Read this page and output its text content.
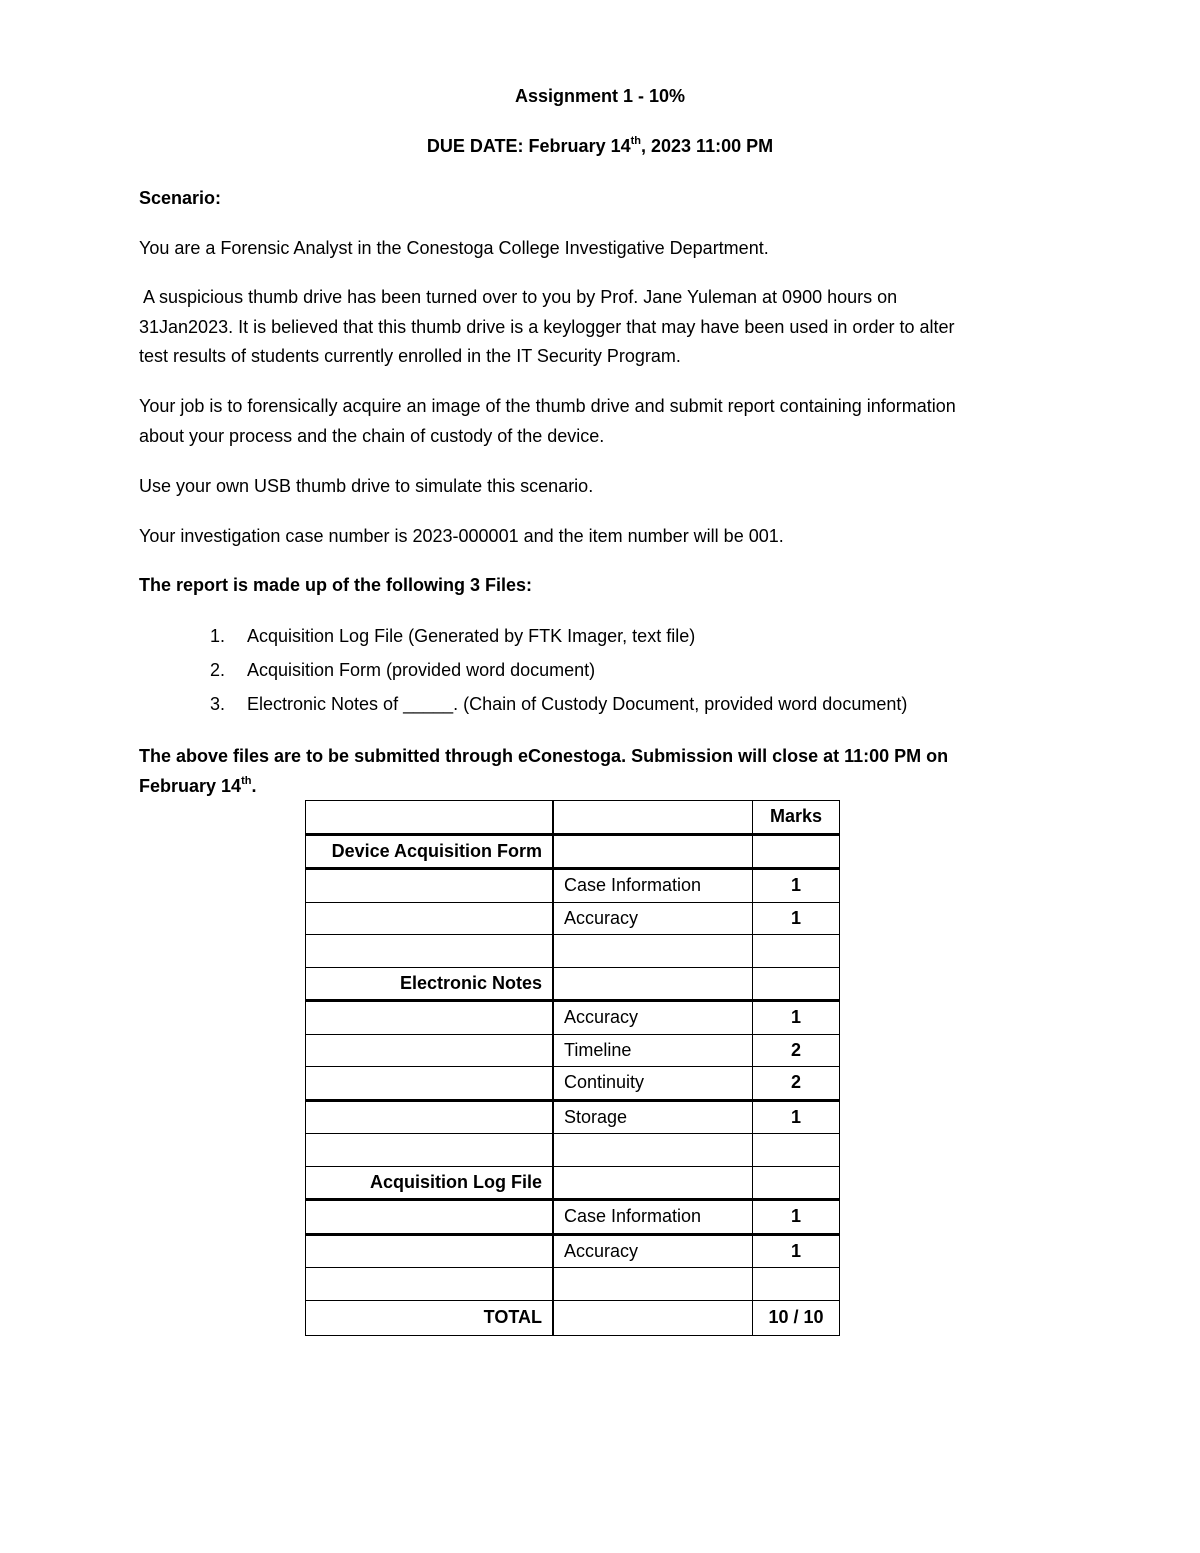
Assignment 1 - 10%
DUE DATE: February 14th, 2023 11:00 PM
Scenario:
You are a Forensic Analyst in the Conestoga College Investigative Department.
A suspicious thumb drive has been turned over to you by Prof. Jane Yuleman at 0900 hours on
31Jan2023. It is believed that this thumb drive is a keylogger that may have been used in order to alter
test results of students currently enrolled in the IT Security Program.
Your job is to forensically acquire an image of the thumb drive and submit report containing information
about your process and the chain of custody of the device.
Use your own USB thumb drive to simulate this scenario.
Your investigation case number is 2023-000001 and the item number will be 001.
The report is made up of the following 3 Files:
1.	Acquisition Log File (Generated by FTK Imager, text file)
2.	Acquisition Form (provided word document)
3.	Electronic Notes of _____. (Chain of Custody Document, provided word document)
The above files are to be submitted through eConestoga. Submission will close at 11:00 PM on
February 14th.
		Marks
Device Acquisition Form		
	Case Information	1
	Accuracy	1

Electronic Notes		
	Accuracy	1
	Timeline	2
	Continuity	2
	Storage	1

Acquisition Log File		
	Case Information	1
	Accuracy	1

TOTAL		10 / 10
